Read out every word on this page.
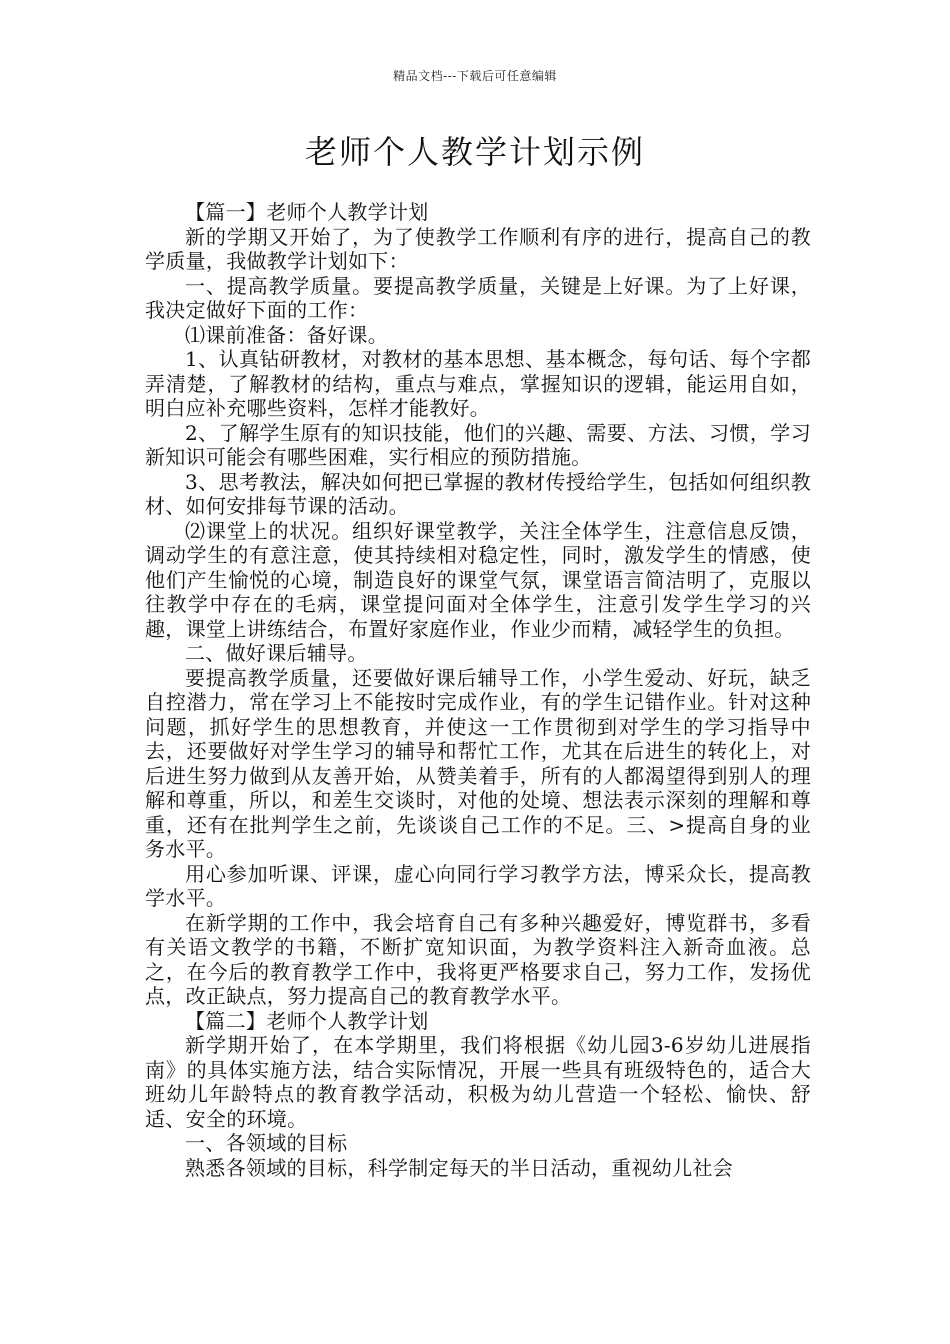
精品文档---下载后可任意编辑
老师个人教学计划示例

【篇一】老师个人教学计划

新的学期又开始了，为了使教学工作顺利有序的进行，提高自己的教学质量，我做教学计划如下：

一、提高教学质量。要提高教学质量，关键是上好课。为了上好课，我决定做好下面的工作：

⑴课前准备：备好课。

1、认真钻研教材，对教材的基本思想、基本概念，每句话、每个字都弄清楚，了解教材的结构，重点与难点，掌握知识的逻辑，能运用自如，明白应补充哪些资料，怎样才能教好。

2、了解学生原有的知识技能，他们的兴趣、需要、方法、习惯，学习新知识可能会有哪些困难，实行相应的预防措施。

3、思考教法，解决如何把已掌握的教材传授给学生，包括如何组织教材、如何安排每节课的活动。

⑵课堂上的状况。组织好课堂教学，关注全体学生，注意信息反馈，调动学生的有意注意，使其持续相对稳定性，同时，激发学生的情感，使他们产生愉悦的心境，制造良好的课堂气氛，课堂语言简洁明了，克服以往教学中存在的毛病，课堂提问面对全体学生，注意引发学生学习的兴趣，课堂上讲练结合，布置好家庭作业，作业少而精，减轻学生的负担。

二、做好课后辅导。

要提高教学质量，还要做好课后辅导工作，小学生爱动、好玩，缺乏自控潜力，常在学习上不能按时完成作业，有的学生记错作业。针对这种问题，抓好学生的思想教育，并使这一工作贯彻到对学生的学习指导中去，还要做好对学生学习的辅导和帮忙工作，尤其在后进生的转化上，对后进生努力做到从友善开始，从赞美着手，所有的人都渴望得到别人的理解和尊重，所以，和差生交谈时，对他的处境、想法表示深刻的理解和尊重，还有在批判学生之前，先谈谈自己工作的不足。三、>提高自身的业务水平。

用心参加听课、评课，虚心向同行学习教学方法，博采众长，提高教学水平。

在新学期的工作中，我会培育自己有多种兴趣爱好，博览群书，多看有关语文教学的书籍，不断扩宽知识面，为教学资料注入新奇血液。总之，在今后的教育教学工作中，我将更严格要求自己，努力工作，发扬优点，改正缺点，努力提高自己的教育教学水平。

【篇二】老师个人教学计划

新学期开始了，在本学期里，我们将根据《幼儿园3-6岁幼儿进展指南》的具体实施方法，结合实际情况，开展一些具有班级特色的，适合大班幼儿年龄特点的教育教学活动，积极为幼儿营造一个轻松、愉快、舒适、安全的环境。

一、各领域的目标

熟悉各领域的目标，科学制定每天的半日活动，重视幼儿社会
